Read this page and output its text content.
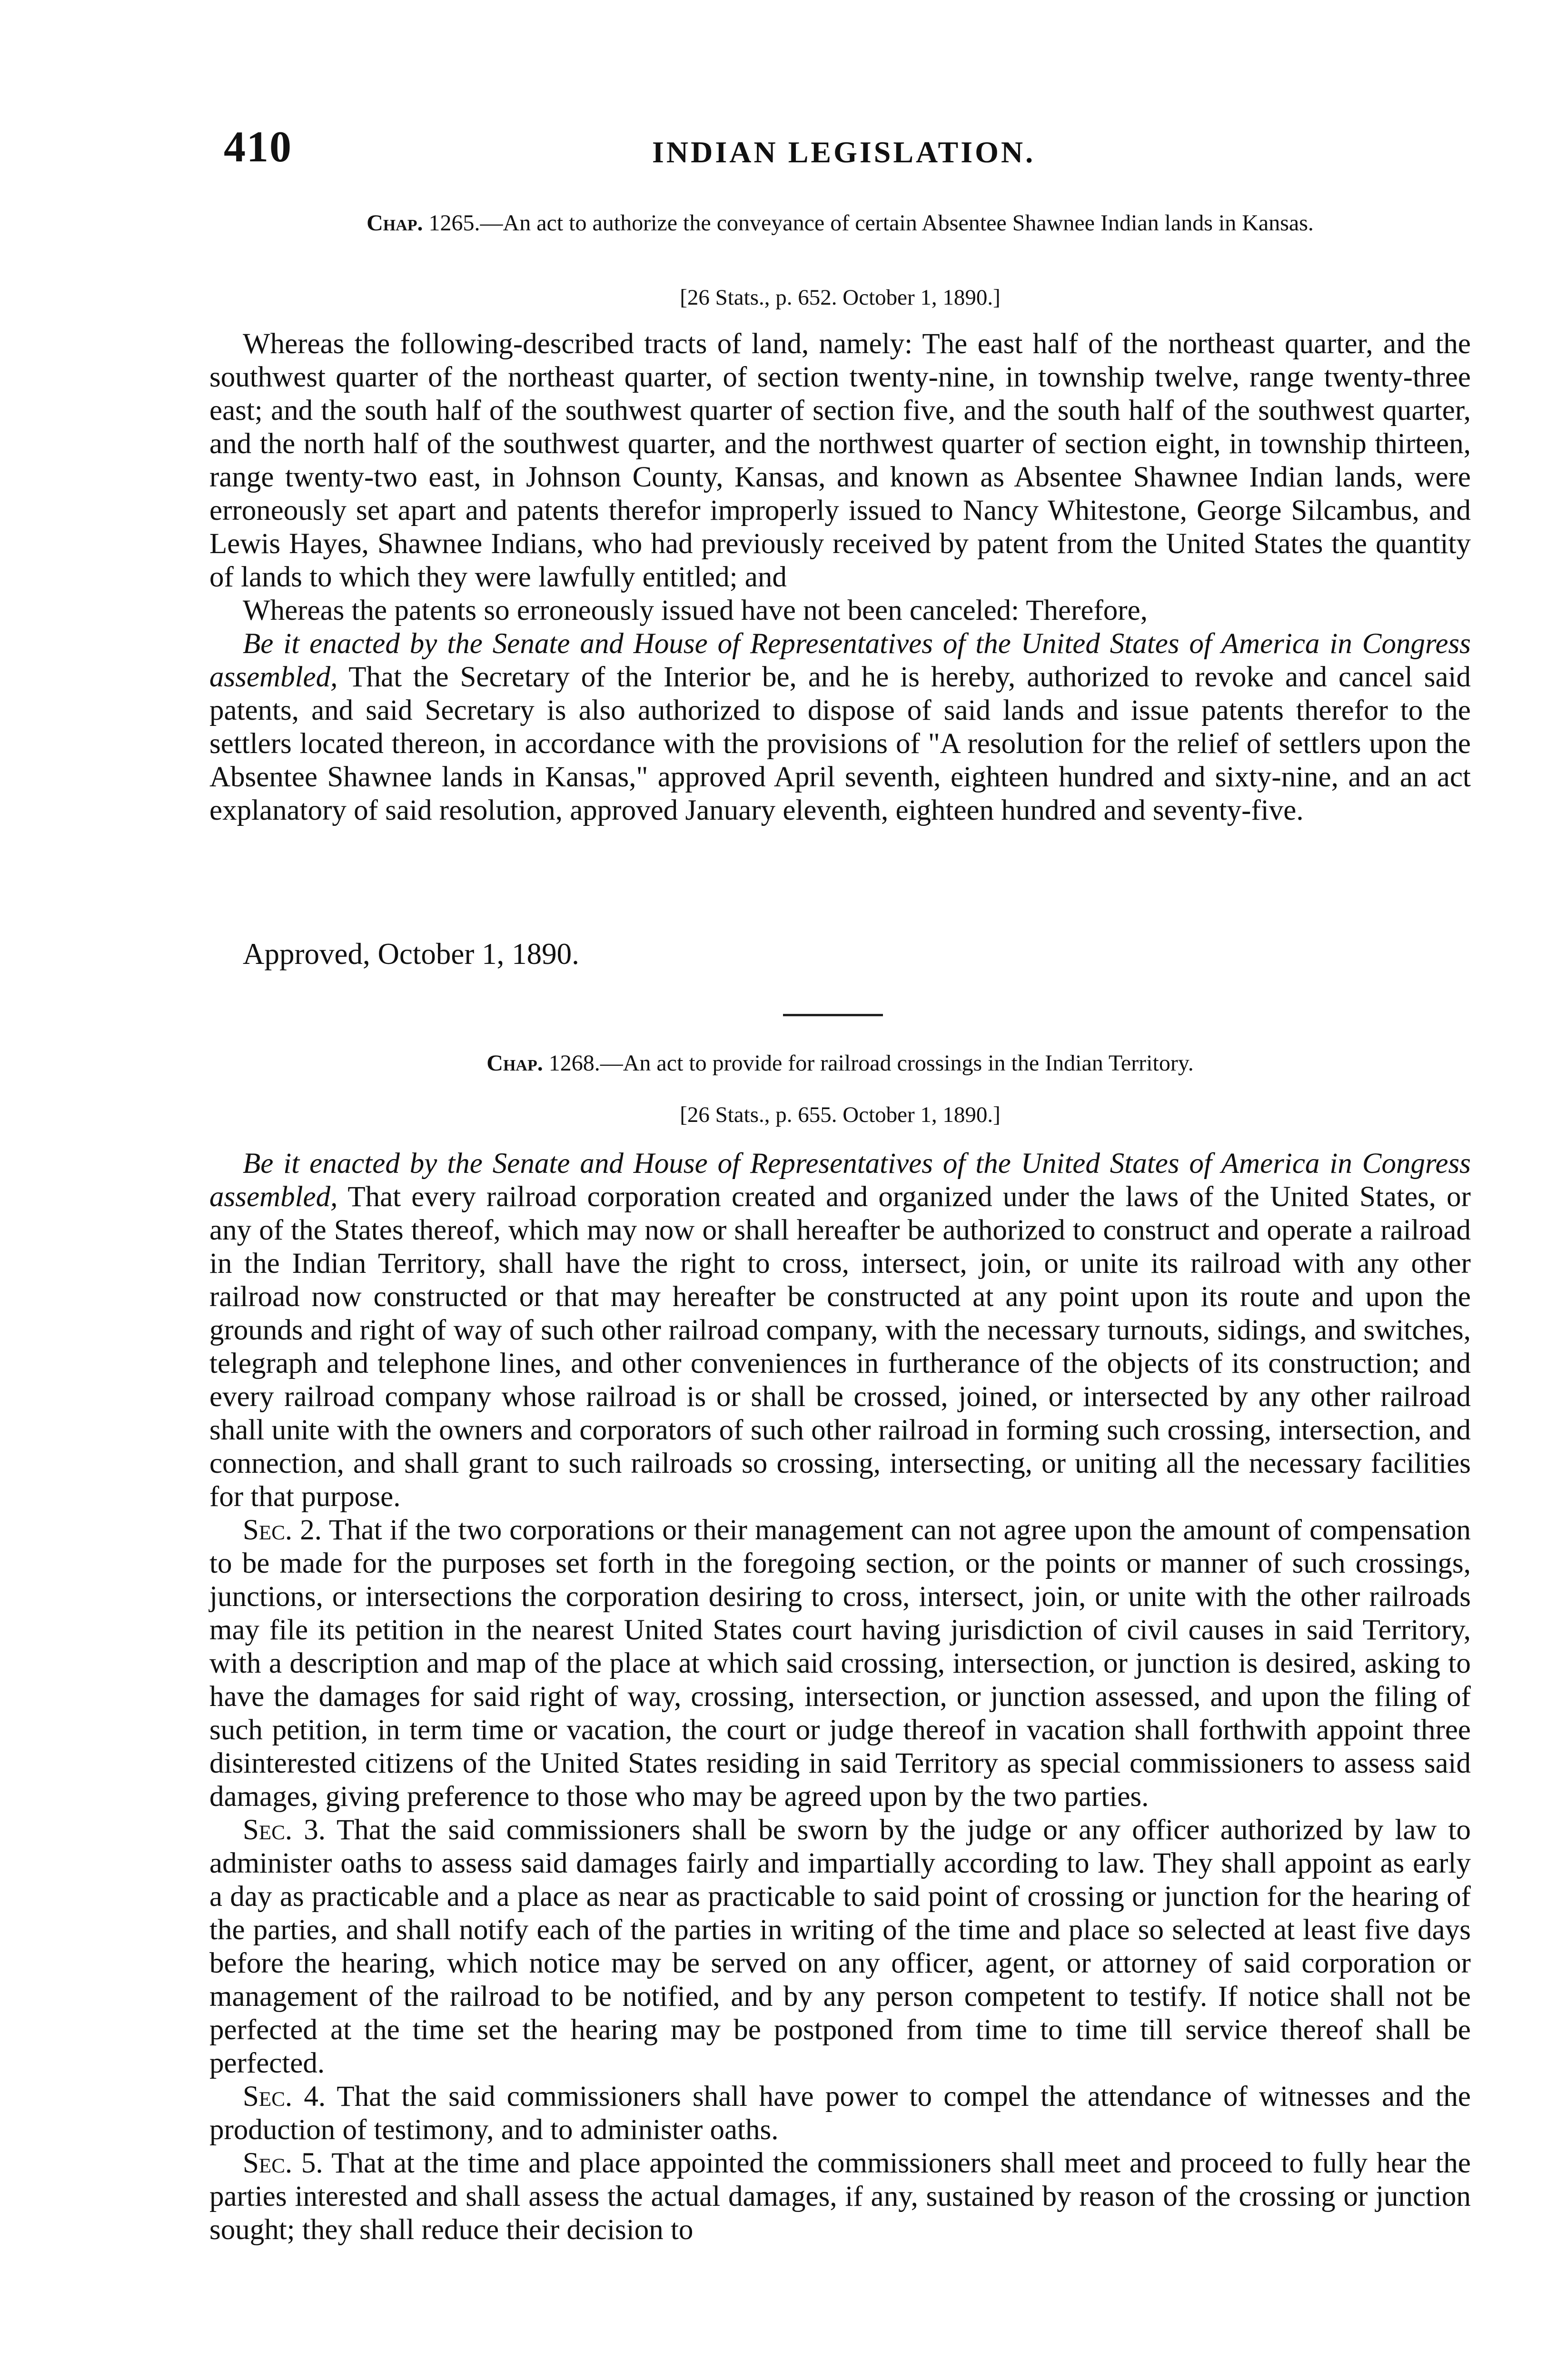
410	INDIAN LEGISLATION.

Chap. 1265.—An act to authorize the conveyance of certain Absentee Shawnee Indian lands in Kansas.

[26 Stats., p. 652. October 1, 1890.]

Whereas the following-described tracts of land, namely: The east half of the northeast quarter, and the southwest quarter of the northeast quarter, of section twenty-nine, in township twelve, range twenty-three east; and the south half of the southwest quarter of section five, and the south half of the southwest quarter, and the north half of the southwest quarter, and the northwest quarter of section eight, in township thirteen, range twenty-two east, in Johnson County, Kansas, and known as Absentee Shawnee Indian lands, were erroneously set apart and patents therefor improperly issued to Nancy Whitestone, George Silcambus, and Lewis Hayes, Shawnee Indians, who had previously received by patent from the United States the quantity of lands to which they were lawfully entitled; and

Whereas the patents so erroneously issued have not been canceled: Therefore,

Be it enacted by the Senate and House of Representatives of the United States of America in Congress assembled, That the Secretary of the Interior be, and he is hereby, authorized to revoke and cancel said patents, and said Secretary is also authorized to dispose of said lands and issue patents therefor to the settlers located thereon, in accordance with the provisions of "A resolution for the relief of settlers upon the Absentee Shawnee lands in Kansas," approved April seventh, eighteen hundred and sixty-nine, and an act explanatory of said resolution, approved January eleventh, eighteen hundred and seventy-five.

Approved, October 1, 1890.

Chap. 1268.—An act to provide for railroad crossings in the Indian Territory.

[26 Stats., p. 655. October 1, 1890.]

Be it enacted by the Senate and House of Representatives of the United States of America in Congress assembled, That every railroad corporation created and organized under the laws of the United States, or any of the States thereof, which may now or shall hereafter be authorized to construct and operate a railroad in the Indian Territory, shall have the right to cross, intersect, join, or unite its railroad with any other railroad now constructed or that may hereafter be constructed at any point upon its route and upon the grounds and right of way of such other railroad company, with the necessary turnouts, sidings, and switches, telegraph and telephone lines, and other conveniences in furtherance of the objects of its construction; and every railroad company whose railroad is or shall be crossed, joined, or intersected by any other railroad shall unite with the owners and corporators of such other railroad in forming such crossing, intersection, and connection, and shall grant to such railroads so crossing, intersecting, or uniting all the necessary facilities for that purpose.

Sec. 2. That if the two corporations or their management can not agree upon the amount of compensation to be made for the purposes set forth in the foregoing section, or the points or manner of such crossings, junctions, or intersections the corporation desiring to cross, intersect, join, or unite with the other railroads may file its petition in the nearest United States court having jurisdiction of civil causes in said Territory, with a description and map of the place at which said crossing, intersection, or junction is desired, asking to have the damages for said right of way, crossing, intersection, or junction assessed, and upon the filing of such petition, in term time or vacation, the court or judge thereof in vacation shall forthwith appoint three disinterested citizens of the United States residing in said Territory as special commissioners to assess said damages, giving preference to those who may be agreed upon by the two parties.

Sec. 3. That the said commissioners shall be sworn by the judge or any officer authorized by law to administer oaths to assess said damages fairly and impartially according to law. They shall appoint as early a day as practicable and a place as near as practicable to said point of crossing or junction for the hearing of the parties, and shall notify each of the parties in writing of the time and place so selected at least five days before the hearing, which notice may be served on any officer, agent, or attorney of said corporation or management of the railroad to be notified, and by any person competent to testify. If notice shall not be perfected at the time set the hearing may be postponed from time to time till service thereof shall be perfected.

Sec. 4. That the said commissioners shall have power to compel the attendance of witnesses and the production of testimony, and to administer oaths.

Sec. 5. That at the time and place appointed the commissioners shall meet and proceed to fully hear the parties interested and shall assess the actual damages, if any, sustained by reason of the crossing or junction sought; they shall reduce their decision to
